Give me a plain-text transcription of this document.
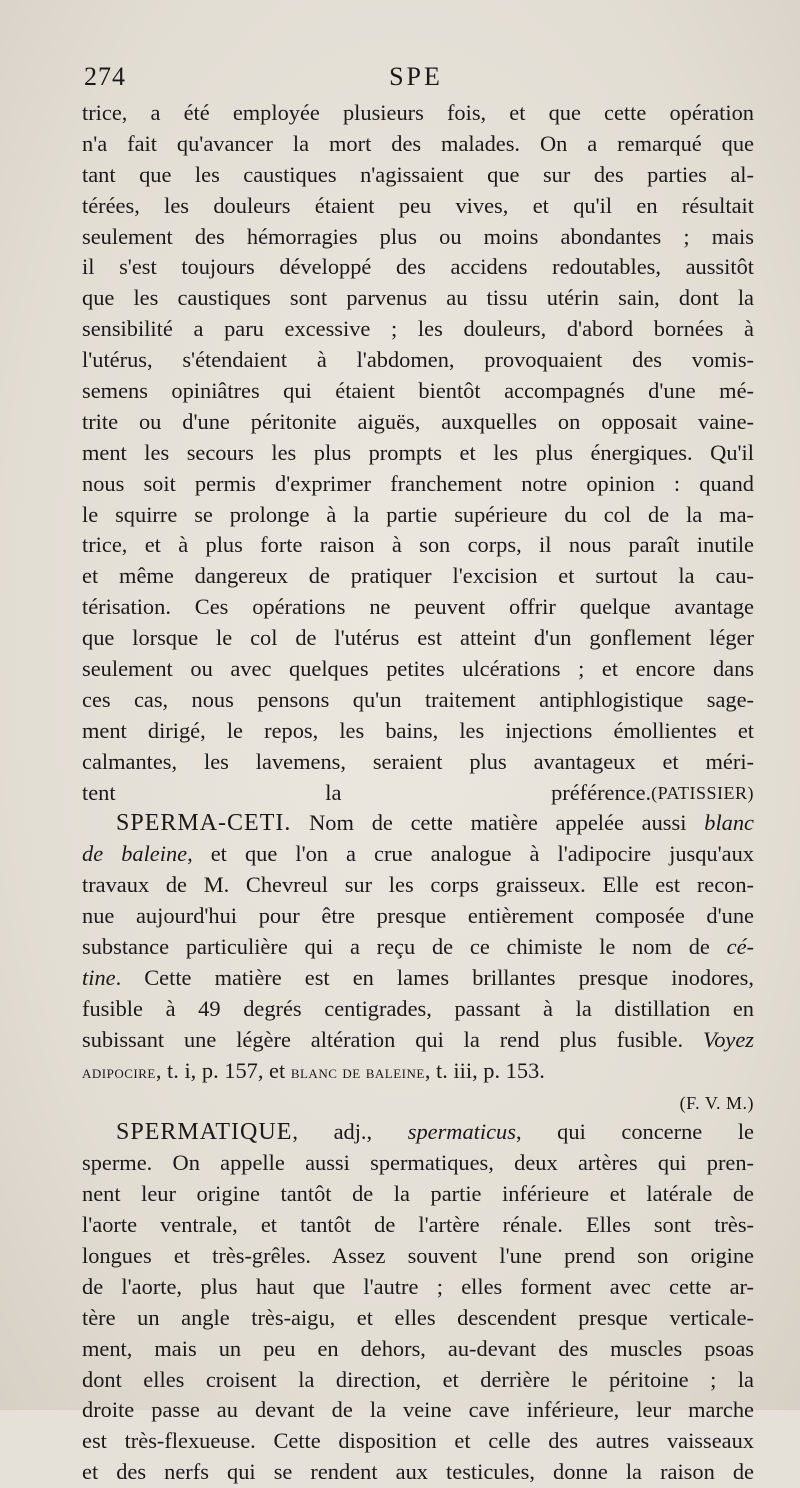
274	SPE
trice, a été employée plusieurs fois, et que cette opération
n'a fait qu'avancer la mort des malades. On a remarqué que
tant que les caustiques n'agissaient que sur des parties al-
térées, les douleurs étaient peu vives, et qu'il en résultait
seulement des hémorragies plus ou moins abondantes ; mais
il s'est toujours développé des accidens redoutables, aussitôt
que les caustiques sont parvenus au tissu utérin sain, dont la
sensibilité a paru excessive ; les douleurs, d'abord bornées à
l'utérus, s'étendaient à l'abdomen, provoquaient des vomis-
semens opiniâtres qui étaient bientôt accompagnés d'une mé-
trite ou d'une péritonite aiguës, auxquelles on opposait vaine-
ment les secours les plus prompts et les plus énergiques. Qu'il
nous soit permis d'exprimer franchement notre opinion : quand
le squirre se prolonge à la partie supérieure du col de la ma-
trice, et à plus forte raison à son corps, il nous paraît inutile
et même dangereux de pratiquer l'excision et surtout la cau-
térisation. Ces opérations ne peuvent offrir quelque avantage
que lorsque le col de l'utérus est atteint d'un gonflement léger
seulement ou avec quelques petites ulcérations ; et encore dans
ces cas, nous pensons qu'un traitement antiphlogistique sage-
ment dirigé, le repos, les bains, les injections émollientes et
calmantes, les lavemens, seraient plus avantageux et méri-
tent la préférence. (PATISSIER)
SPERMA-CETI. Nom de cette matière appelée aussi blanc
de baleine, et que l'on a crue analogue à l'adipocire jusqu'aux
travaux de M. Chevreul sur les corps graisseux. Elle est recon-
nue aujourd'hui pour être presque entièrement composée d'une
substance particulière qui a reçu de ce chimiste le nom de cé-
tine. Cette matière est en lames brillantes presque inodores,
fusible à 49 degrés centigrades, passant à la distillation en
subissant une légère altération qui la rend plus fusible. Voyez
adipocire, t. i, p. 157, et blanc de baleine, t. iii, p. 153.
(F. V. M.)
SPERMATIQUE, adj., spermaticus, qui concerne le
sperme. On appelle aussi spermatiques, deux artères qui pren-
nent leur origine tantôt de la partie inférieure et latérale de
l'aorte ventrale, et tantôt de l'artère rénale. Elles sont très-
longues et très-grêles. Assez souvent l'une prend son origine
de l'aorte, plus haut que l'autre ; elles forment avec cette ar-
tère un angle très-aigu, et elles descendent presque verticale-
ment, mais un peu en dehors, au-devant des muscles psoas
dont elles croisent la direction, et derrière le péritoine ; la
droite passe au devant de la veine cave inférieure, leur marche
est très-flexueuse. Cette disposition et celle des autres vaisseaux
et des nerfs qui se rendent aux testicules, donne la raison de
